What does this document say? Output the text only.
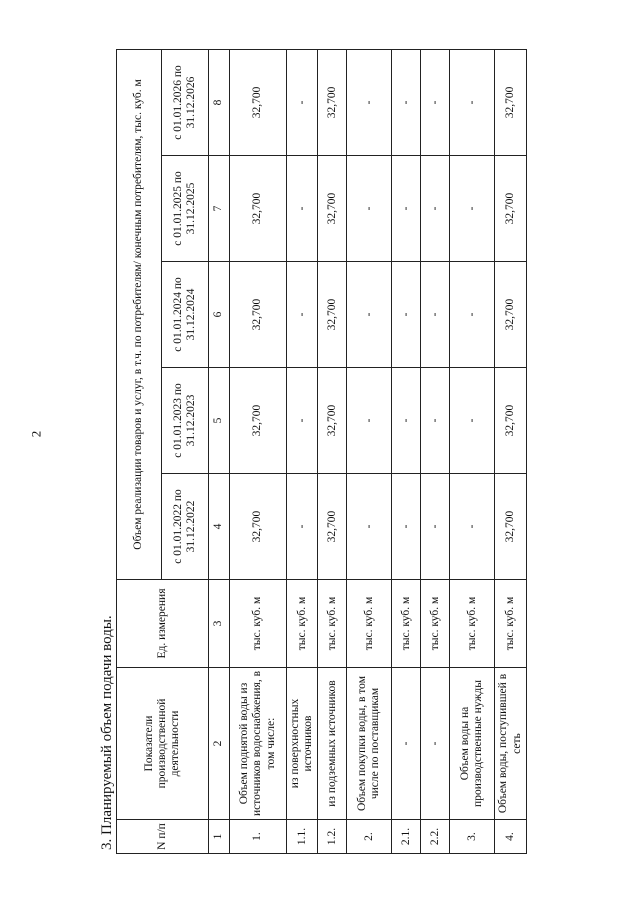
2
3. Планируемый объем подачи воды.	N п/п	Показатели производственной деятельности	Ед. измерения	Объем реализации товаров и услуг, в т.ч. по потребителям/ конечным потребителям, тыс. куб. м				
			с 01.01.2022 по 31.12.2022	с 01.01.2023 по 31.12.2023	с 01.01.2024 по 31.12.2024	с 01.01.2025 по 31.12.2025	с 01.01.2026 по 31.12.2026
1	2	3	4	5	6	7	8
1.	Объем поднятой воды из источников водоснабжения, в том числе:	тыс. куб. м	32,700	32,700	32,700	32,700	32,700
1.1.	из поверхностных источников	тыс. куб. м	-	-	-	-	-
1.2.	из подземных источников	тыс. куб. м	32,700	32,700	32,700	32,700	32,700
2.	Объем покупки воды, в том числе по поставщикам	тыс. куб. м	-	-	-	-	-
2.1.	-	тыс. куб. м	-	-	-	-	-
2.2.	-	тыс. куб. м	-	-	-	-	-
3.	Объем воды на производственные нужды	тыс. куб. м	-	-	-	-	-
4.	Объем воды, поступившей в сеть	тыс. куб. м	32,700	32,700	32,700	32,700	32,700
